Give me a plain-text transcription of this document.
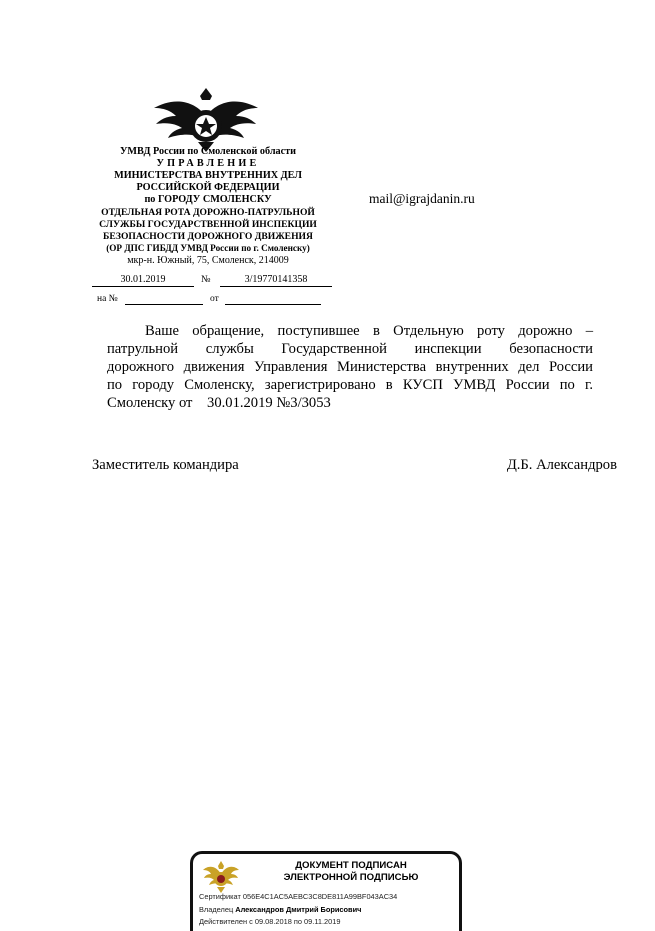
УМВД России по Смоленской области
УПРАВЛЕНИЕ
МИНИСТЕРСТВА ВНУТРЕННИХ ДЕЛ
РОССИЙСКОЙ ФЕДЕРАЦИИ
по ГОРОДУ СМОЛЕНСКУ
ОТДЕЛЬНАЯ РОТА ДОРОЖНО-ПАТРУЛЬНОЙ
СЛУЖБЫ ГОСУДАРСТВЕННОЙ ИНСПЕКЦИИ
БЕЗОПАСНОСТИ ДОРОЖНОГО ДВИЖЕНИЯ
(ОР ДПС ГИБДД УМВД России по г. Смоленску)
мкр-н. Южный, 75, Смоленск, 214009
30.01.2019	№	3/19770141358
на №	от
mail@igrajdanin.ru
Ваше обращение, поступившее в Отдельную роту дорожно –
патрульной службы Государственной инспекции безопасности
дорожного движения Управления Министерства внутренних дел России
по городу Смоленску, зарегистрировано в КУСП УМВД России по г.
Смоленску от    30.01.2019 №3/3053
Заместитель командира	Д.Б. Александров
ДОКУМЕНТ ПОДПИСАН
ЭЛЕКТРОННОЙ ПОДПИСЬЮ
Сертификат 056E4C1AC5AEBC3C8DE811A99BF043AC34
Владелец Александров Дмитрий Борисович
Действителен с 09.08.2018 по 09.11.2019
